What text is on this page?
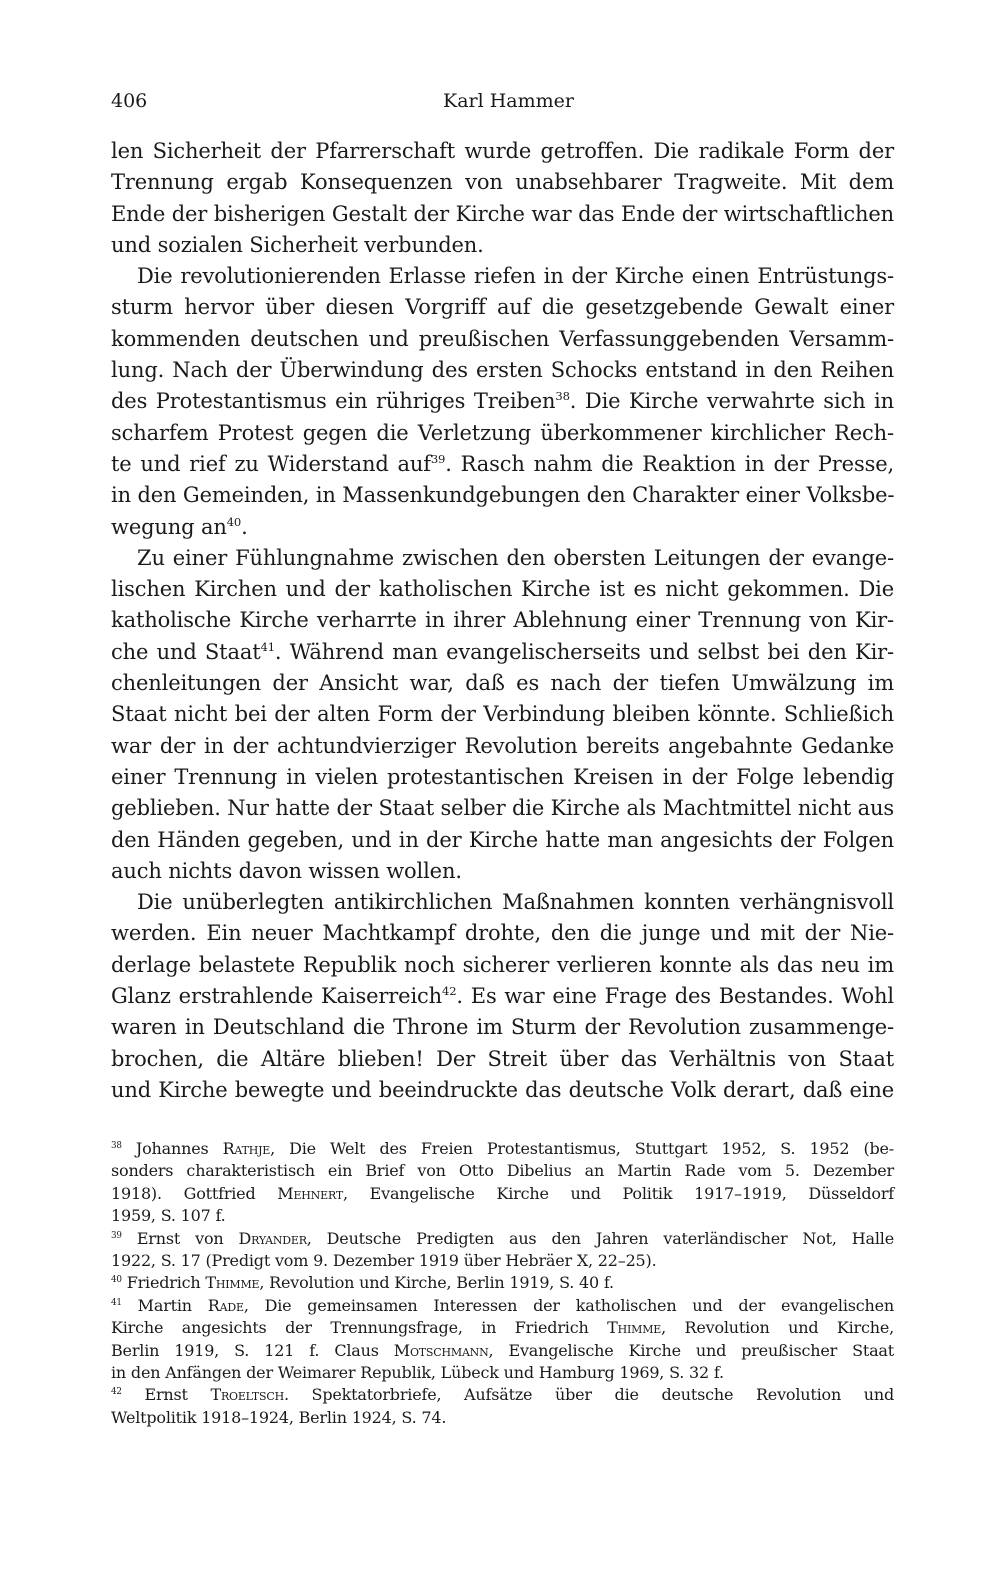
406	Karl Hammer
len Sicherheit der Pfarrerschaft wurde getroffen. Die radikale Form der
Trennung ergab Konsequenzen von unabsehbarer Tragweite. Mit dem
Ende der bisherigen Gestalt der Kirche war das Ende der wirtschaftlichen
und sozialen Sicherheit verbunden.
Die revolutionierenden Erlasse riefen in der Kirche einen Entrüstungs-
sturm hervor über diesen Vorgriff auf die gesetzgebende Gewalt einer
kommenden deutschen und preußischen Verfassunggebenden Versamm-
lung. Nach der Überwindung des ersten Schocks entstand in den Reihen
des Protestantismus ein rühriges Treiben$^{38}$. Die Kirche verwahrte sich in
scharfem Protest gegen die Verletzung überkommener kirchlicher Rech-
te und rief zu Widerstand auf$^{39}$. Rasch nahm die Reaktion in der Presse,
in den Gemeinden, in Massenkundgebungen den Charakter einer Volksbe-
wegung $an^{40}$.
Zu einer Fühlungnahme zwischen den obersten Leitungen der evange-
lischen Kirchen und der katholischen Kirche ist es nicht gekommen. Die
katholische Kirche verharrte in ihrer Ablehnung einer Trennung von Kir-
che und Staat$^{41}$. Während man evangelischerseits und selbst bei den Kir-
chenleitungen der Ansicht war, daß es nach der tiefen Umwälzung im
Staat nicht bei der alten Form der Verbindung bleiben könnte. Schließich
war der in der achtundvierziger Revolution bereits angebahnte Gedanke
einer Trennung in vielen protestantischen Kreisen in der Folge lebendig
geblieben. Nur hatte der Staat selber die Kirche als Machtmittel nicht aus
den Händen gegeben, und in der Kirche hatte man angesichts der Folgen
auch nichts davon wissen wollen.
Die unüberlegten antikirchlichen Maßnahmen konnten verhängnisvoll
werden. Ein neuer Machtkampf drohte, den die junge und mit der Nie-
derlage belastete Republik noch sicherer verlieren konnte als das neu im
Glanz erstrahlende Kaiserreich$^{42}$. Es war eine Frage des Bestandes. Wohl
waren in Deutschland die Throne im Sturm der Revolution zusammenge-
brochen, die Altäre blieben! Der Streit über das Verhältnis von Staat
und Kirche bewegte und beeindruckte das deutsche Volk derart, daß eine
$^{38}$ Johannes Rathje, Die Welt des Freien Protestantismus, Stuttgart 1952, S. 1952 (be-
sonders charakteristisch ein Brief von Otto Dibelius an Martin Rade vom 5. Dezember
1918). Gottfried Mehnert, Evangelische Kirche und Politik 1917–1919, Düsseldorf
1959, S. 107 f.
$^{39}$ Ernst von Dryander, Deutsche Predigten aus den Jahren vaterländischer Not, Halle
1922, S. 17 (Predigt vom 9. Dezember 1919 über Hebräer X, 22–25).
$^{40}$ Friedrich Thimme, Revolution und Kirche, Berlin 1919, S. 40 f.
$^{41}$ Martin Rade, Die gemeinsamen Interessen der katholischen und der evangelischen
Kirche angesichts der Trennungsfrage, in Friedrich Thimme, Revolution und Kirche,
Berlin 1919, S. 121 f. Claus Motschmann, Evangelische Kirche und preußischer Staat
in den Anfängen der Weimarer Republik, Lübeck und Hamburg 1969, S. 32 f.
$^{42}$ Ernst Troeltsch. Spektatorbriefe, Aufsätze über die deutsche Revolution und
Weltpolitik 1918–1924, Berlin 1924, S. 74.
